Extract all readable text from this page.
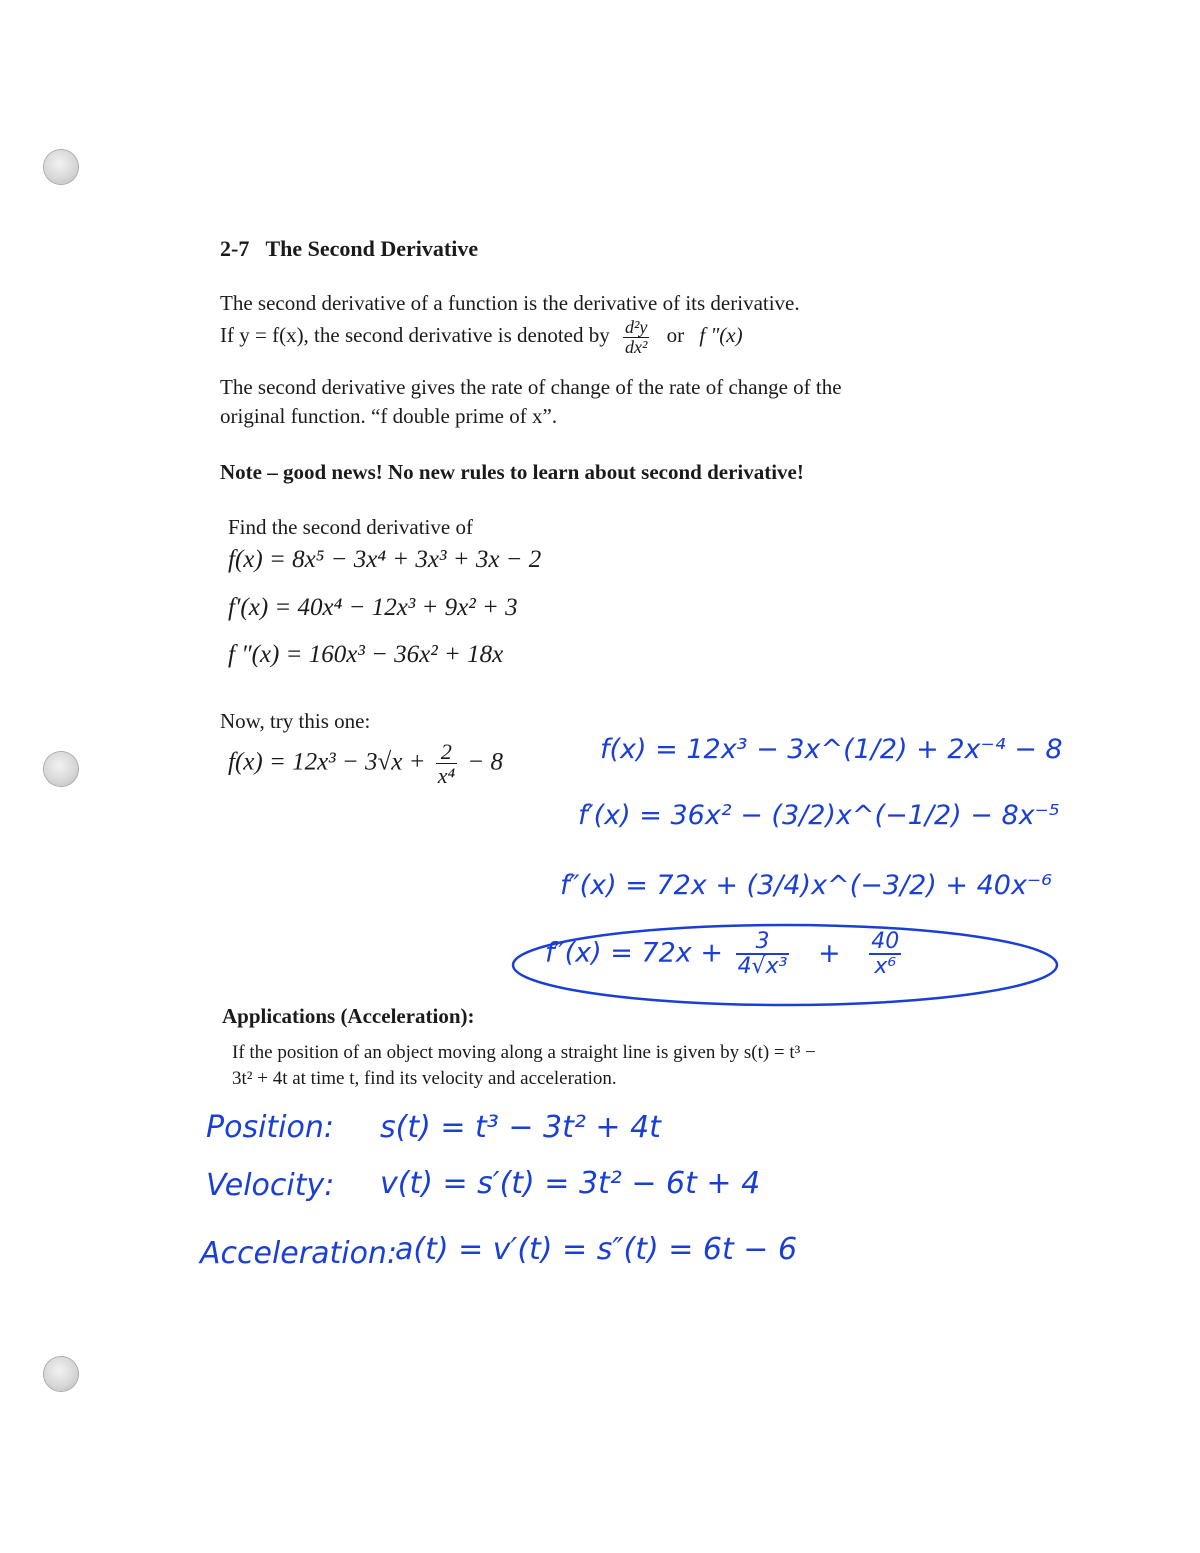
2-7 The Second Derivative
The second derivative of a function is the derivative of its derivative.
If y = f(x), the second derivative is denoted by $\frac{\text{d²y}}{\text{dx²}}$ or f "(x)
The second derivative gives the rate of change of the rate of change of the
original function. “f double prime of x”.
Note – good news! No new rules to learn about second derivative!
Find the second derivative of
f(x) = 8x⁵ − 3x⁴ + 3x³ + 3x − 2
f′(x) = 40x⁴ − 12x³ + 9x² + 3
f ″(x) = 160x³ − 36x² + 18x
Now, try this one:
$f(x) = 12x^3 - 3√x + \frac{2}{\text{x⁴}} - 8$	f(x) = 12x³ − 3x^(1/2) + 2x⁻⁴ − 8
f′(x) = 36x² − (3/2)x^(−1/2) − 8x⁻⁵
f″(x) = 72x + (3/4)x^(−3/2) + 40x⁻⁶
$f''(x) = 72x + \frac{3}{\text{4√x³}} + \frac{40}{\text{x⁶}}$
Applications (Acceleration):
If the position of an object moving along a straight line is given by s(t) = t³ −
3t² + 4t at time t, find its velocity and acceleration.
Position: s(t) = t³ − 3t² + 4t
Velocity: v(t) = s′(t) = 3t² − 6t + 4
Acceleration:
a(t) = v′(t) = s″(t) = 6t − 6
